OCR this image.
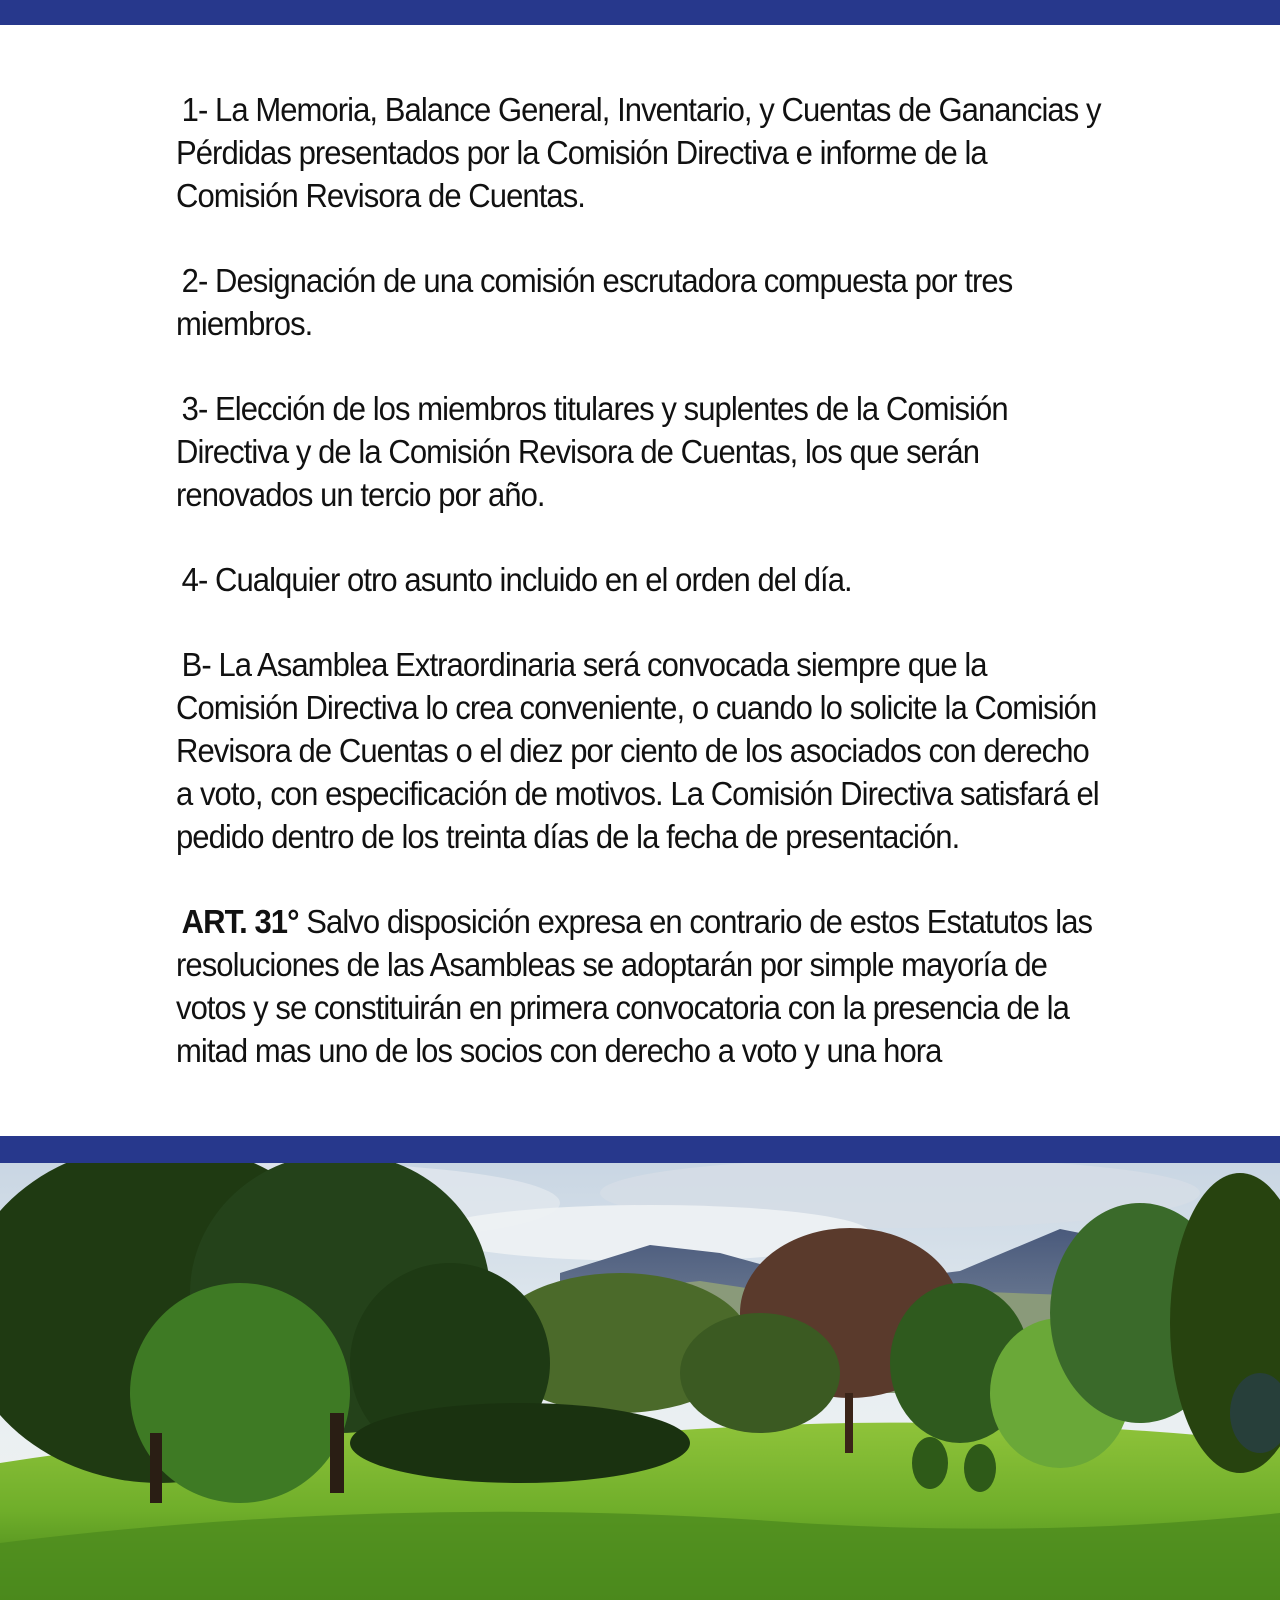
1- La Memoria, Balance General, Inventario, y Cuentas de Ganancias y Pérdidas presentados por la Comisión Directiva e informe de la Comisión Revisora de Cuentas.

2- Designación de una comisión escrutadora compuesta por tres miembros.

3- Elección de los miembros titulares y suplentes de la Comisión Directiva y de la Comisión Revisora de Cuentas, los que serán renovados un tercio por año.

4- Cualquier otro asunto incluido en el orden del día.

B- La Asamblea Extraordinaria será convocada siempre que la Comisión Directiva lo crea conveniente, o cuando lo solicite la Comisión Revisora de Cuentas o el diez por ciento de los asociados con derecho a voto, con especificación de motivos. La Comisión Directiva satisfará el pedido dentro de los treinta días de la fecha de presentación.

ART. 31° Salvo disposición expresa en contrario de estos Estatutos las resoluciones de las Asambleas se adoptarán por simple mayoría de votos y se constituirán en primera convocatoria con la presencia de la mitad mas uno de los socios con derecho a voto y una hora
